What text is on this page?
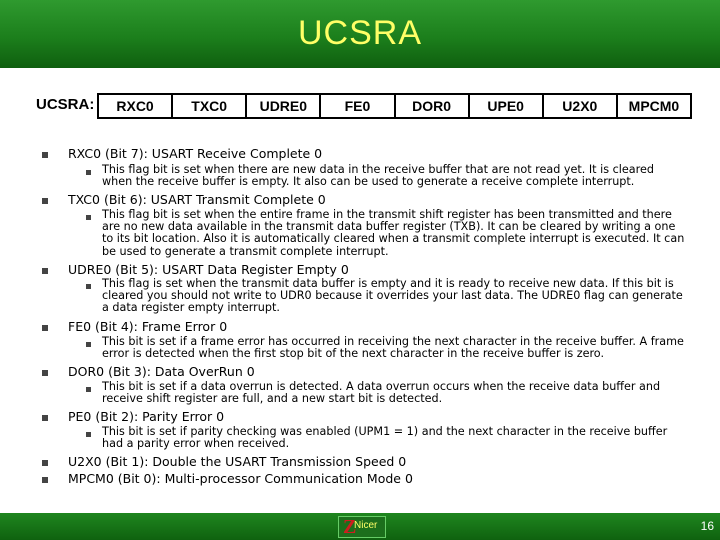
UCSRA
UCSRA:	RXC0	TXC0	UDRE0	FE0	DOR0	UPE0	U2X0	MPCM0
RXC0 (Bit 7): USART Receive Complete 0
This flag bit is set when there are new data in the receive buffer that are not read yet. It is cleared when the receive buffer is empty. It also can be used to generate a receive complete interrupt.
TXC0 (Bit 6): USART Transmit Complete 0
This flag bit is set when the entire frame in the transmit shift register has been transmitted and there are no new data available in the transmit data buffer register (TXB). It can be cleared by writing a one to its bit location. Also it is automatically cleared when a transmit complete interrupt is executed. It can be used to generate a transmit complete interrupt.
UDRE0 (Bit 5): USART Data Register Empty 0
This flag is set when the transmit data buffer is empty and it is ready to receive new data. If this bit is cleared you should not write to UDR0 because it overrides your last data. The UDRE0 flag can generate a data register empty interrupt.
FE0 (Bit 4): Frame Error 0
This bit is set if a frame error has occurred in receiving the next character in the receive buffer. A frame error is detected when the first stop bit of the next character in the receive buffer is zero.
DOR0 (Bit 3): Data OverRun 0
This bit is set if a data overrun is detected. A data overrun occurs when the receive data buffer and receive shift register are full, and a new start bit is detected.
PE0 (Bit 2): Parity Error 0
This bit is set if parity checking was enabled (UPM1 = 1) and the next character in the receive buffer had a parity error when received.
U2X0 (Bit 1): Double the USART Transmission Speed 0
MPCM0 (Bit 0): Multi-processor Communication Mode 0
Z
Nicer	16
